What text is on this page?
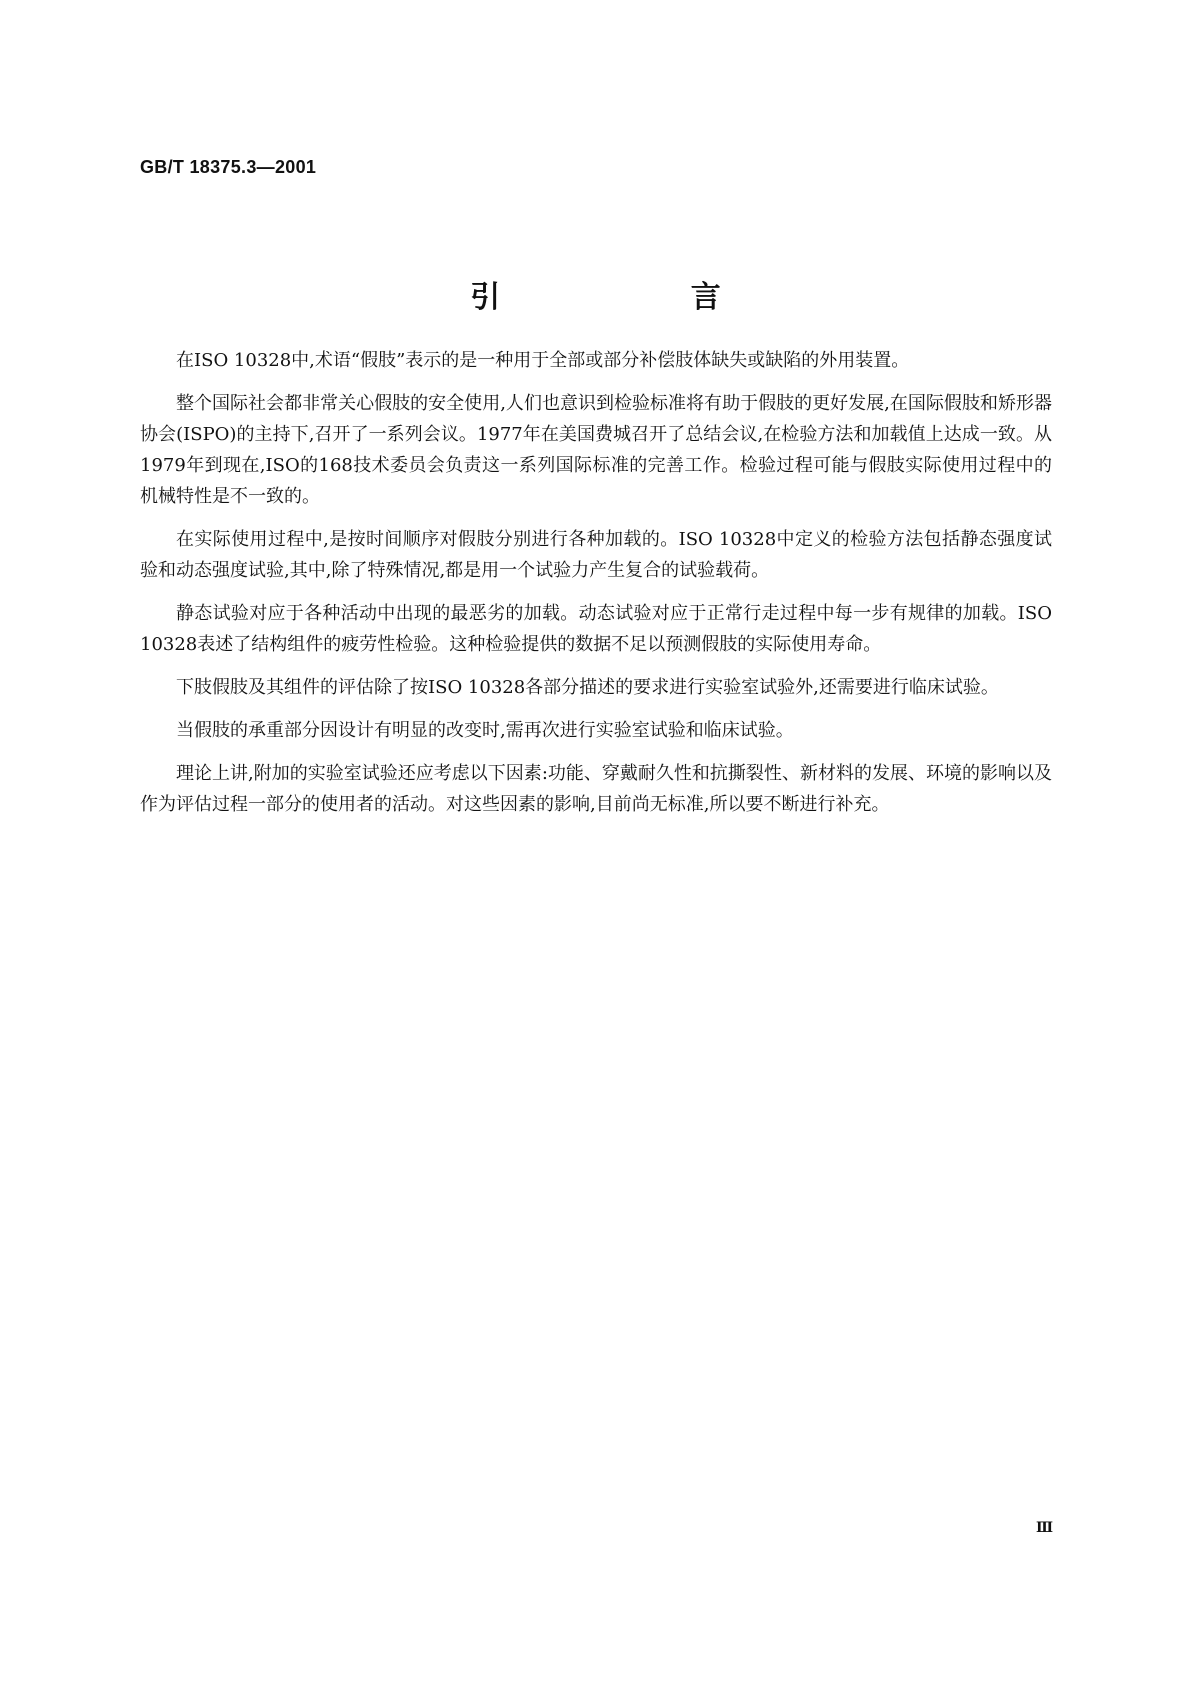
GB/T 18375.3—2001
引 言

在ISO 10328中,术语“假肢”表示的是一种用于全部或部分补偿肢体缺失或缺陷的外用装置。

整个国际社会都非常关心假肢的安全使用,人们也意识到检验标准将有助于假肢的更好发展,在国际假肢和矫形器协会(ISPO)的主持下,召开了一系列会议。1977年在美国费城召开了总结会议,在检验方法和加载值上达成一致。从1979年到现在,ISO的168技术委员会负责这一系列国际标准的完善工作。检验过程可能与假肢实际使用过程中的机械特性是不一致的。

在实际使用过程中,是按时间顺序对假肢分别进行各种加载的。ISO 10328中定义的检验方法包括静态强度试验和动态强度试验,其中,除了特殊情况,都是用一个试验力产生复合的试验载荷。

静态试验对应于各种活动中出现的最恶劣的加载。动态试验对应于正常行走过程中每一步有规律的加载。ISO 10328表述了结构组件的疲劳性检验。这种检验提供的数据不足以预测假肢的实际使用寿命。

下肢假肢及其组件的评估除了按ISO 10328各部分描述的要求进行实验室试验外,还需要进行临床试验。

当假肢的承重部分因设计有明显的改变时,需再次进行实验室试验和临床试验。

理论上讲,附加的实验室试验还应考虑以下因素:功能、穿戴耐久性和抗撕裂性、新材料的发展、环境的影响以及作为评估过程一部分的使用者的活动。对这些因素的影响,目前尚无标准,所以要不断进行补充。

Ⅲ
